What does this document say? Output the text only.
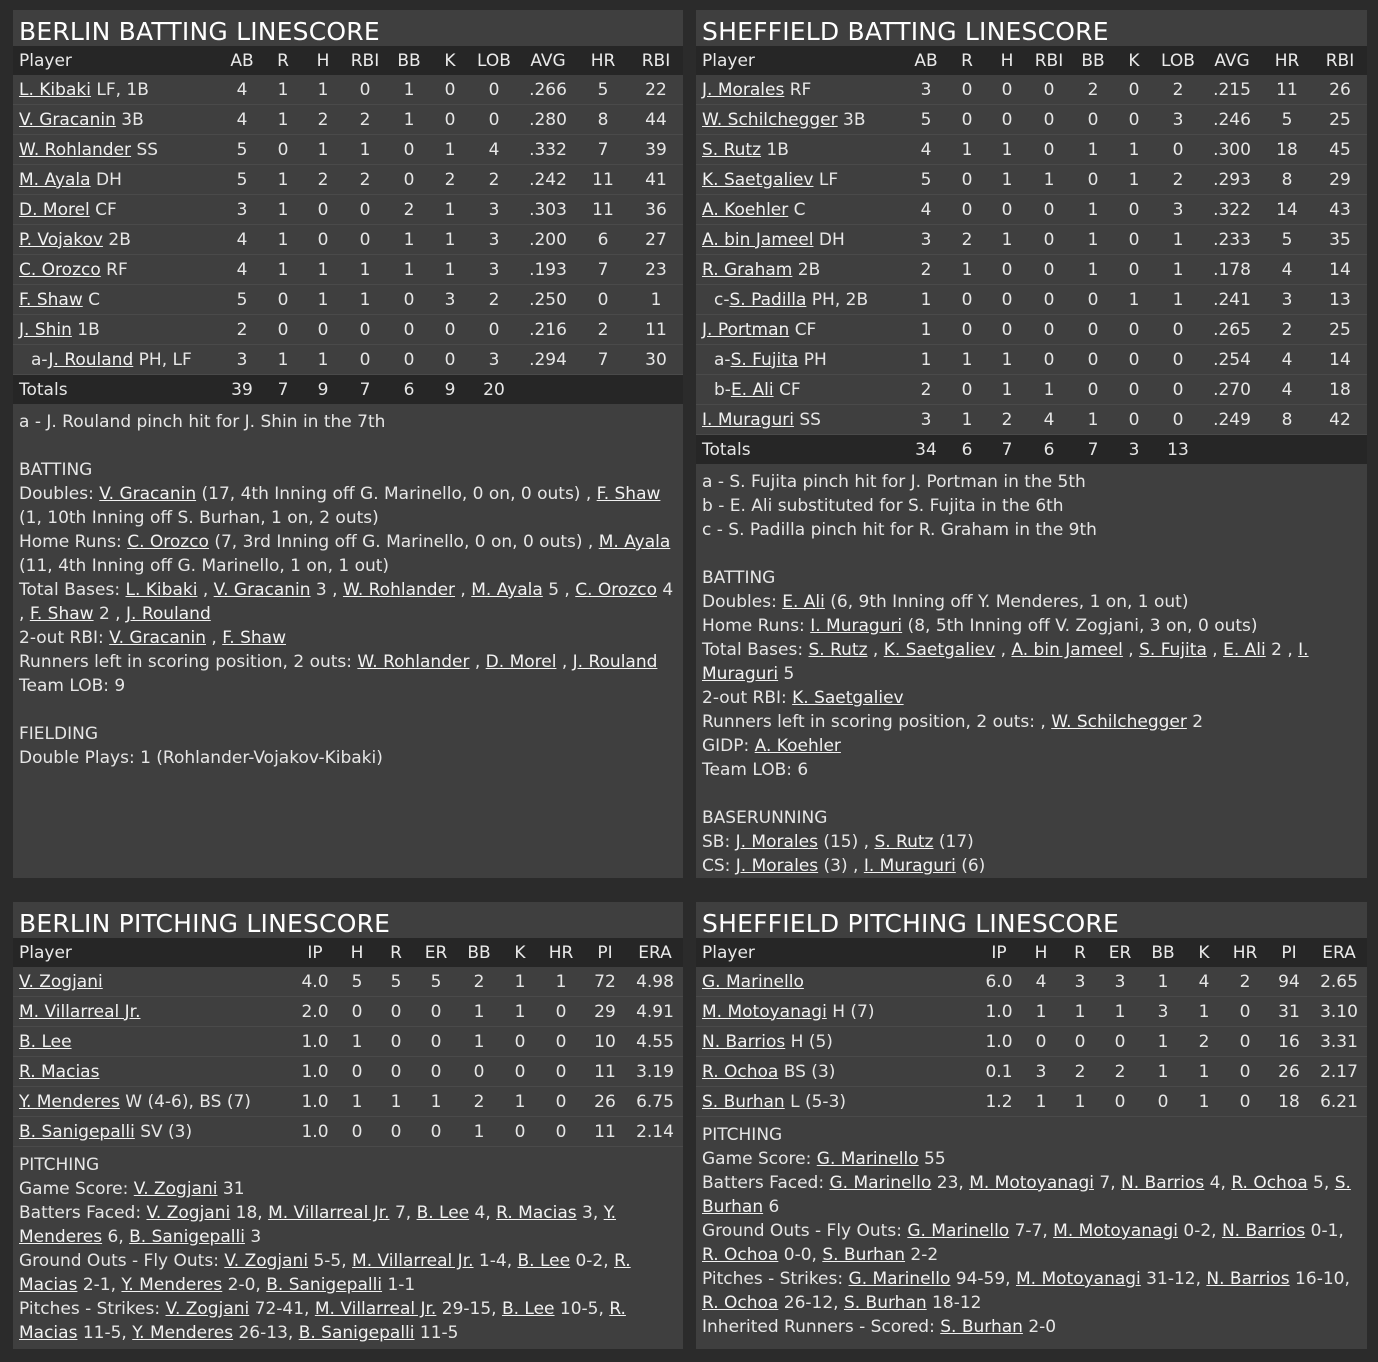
BERLIN BATTING LINESCORE
Player	AB	R	H	RBI	BB	K	LOB	AVG	HR	RBI
L. Kibaki LF, 1B	4	1	1	0	1	0	0	.266	5	22
V. Gracanin 3B	4	1	2	2	1	0	0	.280	8	44
W. Rohlander SS	5	0	1	1	0	1	4	.332	7	39
M. Ayala DH	5	1	2	2	0	2	2	.242	11	41
D. Morel CF	3	1	0	0	2	1	3	.303	11	36
P. Vojakov 2B	4	1	0	0	1	1	3	.200	6	27
C. Orozco RF	4	1	1	1	1	1	3	.193	7	23
F. Shaw C	5	0	1	1	0	3	2	.250	0	1
J. Shin 1B	2	0	0	0	0	0	0	.216	2	11
a-J. Rouland PH, LF	3	1	1	0	0	0	3	.294	7	30
Totals	39	7	9	7	6	9	20			

a - J. Rouland pinch hit for J. Shin in the 7th

BATTING

Doubles: V. Gracanin (17, 4th Inning off G. Marinello, 0 on, 0 outs) , F. Shaw (1, 10th Inning off S. Burhan, 1 on, 2 outs)

Home Runs: C. Orozco (7, 3rd Inning off G. Marinello, 0 on, 0 outs) , M. Ayala (11, 4th Inning off G. Marinello, 1 on, 1 out)

Total Bases: L. Kibaki , V. Gracanin 3 , W. Rohlander , M. Ayala 5 , C. Orozco 4 , F. Shaw 2 , J. Rouland

2-out RBI: V. Gracanin , F. Shaw

Runners left in scoring position, 2 outs: W. Rohlander , D. Morel , J. Rouland

Team LOB: 9

FIELDING

Double Plays: 1 (Rohlander-Vojakov-Kibaki)

SHEFFIELD BATTING LINESCORE
Player	AB	R	H	RBI	BB	K	LOB	AVG	HR	RBI
J. Morales RF	3	0	0	0	2	0	2	.215	11	26
W. Schilchegger 3B	5	0	0	0	0	0	3	.246	5	25
S. Rutz 1B	4	1	1	0	1	1	0	.300	18	45
K. Saetgaliev LF	5	0	1	1	0	1	2	.293	8	29
A. Koehler C	4	0	0	0	1	0	3	.322	14	43
A. bin Jameel DH	3	2	1	0	1	0	1	.233	5	35
R. Graham 2B	2	1	0	0	1	0	1	.178	4	14
c-S. Padilla PH, 2B	1	0	0	0	0	1	1	.241	3	13
J. Portman CF	1	0	0	0	0	0	0	.265	2	25
a-S. Fujita PH	1	1	1	0	0	0	0	.254	4	14
b-E. Ali CF	2	0	1	1	0	0	0	.270	4	18
I. Muraguri SS	3	1	2	4	1	0	0	.249	8	42
Totals	34	6	7	6	7	3	13			

a - S. Fujita pinch hit for J. Portman in the 5th

b - E. Ali substituted for S. Fujita in the 6th

c - S. Padilla pinch hit for R. Graham in the 9th

BATTING

Doubles: E. Ali (6, 9th Inning off Y. Menderes, 1 on, 1 out)

Home Runs: I. Muraguri (8, 5th Inning off V. Zogjani, 3 on, 0 outs)

Total Bases: S. Rutz , K. Saetgaliev , A. bin Jameel , S. Fujita , E. Ali 2 , I. Muraguri 5

2-out RBI: K. Saetgaliev

Runners left in scoring position, 2 outs: , W. Schilchegger 2

GIDP: A. Koehler

Team LOB: 6

BASERUNNING

SB: J. Morales (15) , S. Rutz (17)

CS: J. Morales (3) , I. Muraguri (6)

BERLIN PITCHING LINESCORE
Player	IP	H	R	ER	BB	K	HR	PI	ERA
V. Zogjani	4.0	5	5	5	2	1	1	72	4.98
M. Villarreal Jr.	2.0	0	0	0	1	1	0	29	4.91
B. Lee	1.0	1	0	0	1	0	0	10	4.55
R. Macias	1.0	0	0	0	0	0	0	11	3.19
Y. Menderes W (4-6), BS (7)	1.0	1	1	1	2	1	0	26	6.75
B. Sanigepalli SV (3)	1.0	0	0	0	1	0	0	11	2.14

PITCHING

Game Score: V. Zogjani 31

Batters Faced: V. Zogjani 18, M. Villarreal Jr. 7, B. Lee 4, R. Macias 3, Y. Menderes 6, B. Sanigepalli 3

Ground Outs - Fly Outs: V. Zogjani 5-5, M. Villarreal Jr. 1-4, B. Lee 0-2, R. Macias 2-1, Y. Menderes 2-0, B. Sanigepalli 1-1

Pitches - Strikes: V. Zogjani 72-41, M. Villarreal Jr. 29-15, B. Lee 10-5, R. Macias 11-5, Y. Menderes 26-13, B. Sanigepalli 11-5

SHEFFIELD PITCHING LINESCORE
Player	IP	H	R	ER	BB	K	HR	PI	ERA
G. Marinello	6.0	4	3	3	1	4	2	94	2.65
M. Motoyanagi H (7)	1.0	1	1	1	3	1	0	31	3.10
N. Barrios H (5)	1.0	0	0	0	1	2	0	16	3.31
R. Ochoa BS (3)	0.1	3	2	2	1	1	0	26	2.17
S. Burhan L (5-3)	1.2	1	1	0	0	1	0	18	6.21

PITCHING

Game Score: G. Marinello 55

Batters Faced: G. Marinello 23, M. Motoyanagi 7, N. Barrios 4, R. Ochoa 5, S. Burhan 6

Ground Outs - Fly Outs: G. Marinello 7-7, M. Motoyanagi 0-2, N. Barrios 0-1, R. Ochoa 0-0, S. Burhan 2-2

Pitches - Strikes: G. Marinello 94-59, M. Motoyanagi 31-12, N. Barrios 16-10, R. Ochoa 26-12, S. Burhan 18-12

Inherited Runners - Scored: S. Burhan 2-0
